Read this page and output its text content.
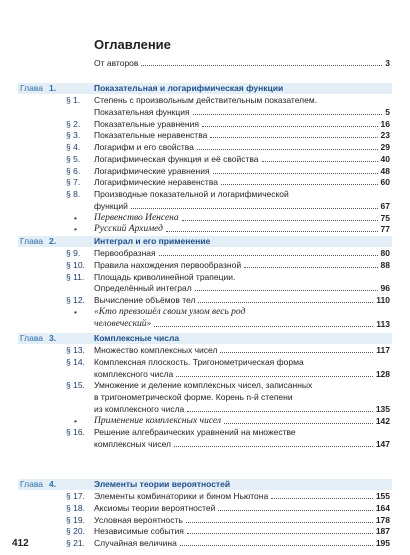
Оглавление
От авторов	3
Глава 1.	Показательная и логарифмическая функции
§ 1. Степень с произвольным действительным показателем.
Показательная функция	5
§ 2. Показательные уравнения	16
§ 3. Показательные неравенства	23
§ 4. Логарифм и его свойства	29
§ 5. Логарифмическая функция и её свойства	40
§ 6. Логарифмические уравнения	48
§ 7. Логарифмические неравенства	60
§ 8. Производные показательной и логарифмической
функций	67
• Первенство Иенсена	75
• Русский Архимед	77
Глава 2.	Интеграл и его применение
§ 9. Первообразная	80
§ 10. Правила нахождения первообразной	88
§ 11. Площадь криволинейной трапеции.
Определённый интеграл	96
§ 12. Вычисление объёмов тел	110
• «Кто превзошёл своим умом весь род
человеческий»	113
Глава 3.	Комплексные числа
§ 13. Множество комплексных чисел	117
§ 14. Комплексная плоскость. Тригонометрическая форма
комплексного числа	128
§ 15. Умножение и деление комплексных чисел, записанных
в тригонометрической форме. Корень n-й степени
из комплексного числа	135
• Применение комплексных чисел	142
§ 16. Решение алгебраических уравнений на множестве
комплексных чисел	147
Глава 4.	Элементы теории вероятностей
§ 17. Элементы комбинаторики и бином Ньютона	155
§ 18. Аксиомы теории вероятностей	164
§ 19. Условная вероятность	178
§ 20. Независимые события	187
§ 21. Случайная величина	195
412
